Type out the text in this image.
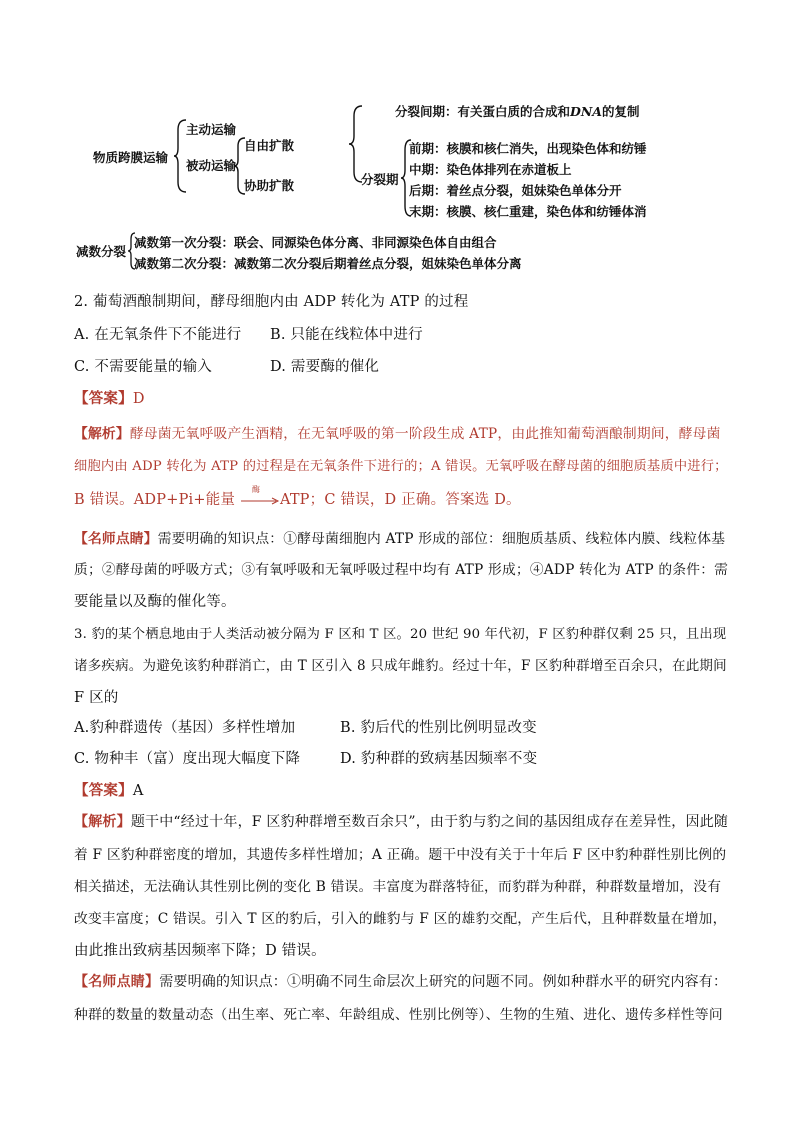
物质跨膜运输
主动运输
被动运输
自由扩散
协助扩散
分裂间期：有关蛋白质的合成和DNA的复制
分裂期
前期：核膜和核仁消失，出现染色体和纺锤
中期：染色体排列在赤道板上
后期：着丝点分裂，姐妹染色单体分开
末期：核膜、核仁重建，染色体和纺锤体消
减数分裂
减数第一次分裂：联会、同源染色体分离、非同源染色体自由组合
减数第二次分裂：减数第二次分裂后期着丝点分裂，姐妹染色单体分离
2. 葡萄酒酿制期间，酵母细胞内由 ADP 转化为 ATP 的过程
A. 在无氧条件下不能进行 B. 只能在线粒体中进行
C. 不需要能量的输入	D. 需要酶的催化
【答案】D
【解析】酵母菌无氧呼吸产生酒精，在无氧呼吸的第一阶段生成 ATP，由此推知葡萄酒酿制期间，酵母菌
细胞内由 ADP 转化为 ATP 的过程是在无氧条件下进行的；A 错误。无氧呼吸在酵母菌的细胞质基质中进行；
B 错误。ADP+Pi+能量
酶
ATP；C 错误，D 正确。答案选 D。
【名师点睛】需要明确的知识点：①酵母菌细胞内 ATP 形成的部位：细胞质基质、线粒体内膜、线粒体基
质；②酵母菌的呼吸方式；③有氧呼吸和无氧呼吸过程中均有 ATP 形成；④ADP 转化为 ATP 的条件：需
要能量以及酶的催化等。
3. 豹的某个栖息地由于人类活动被分隔为 F 区和 T 区。20 世纪 90 年代初，F 区豹种群仅剩 25 只，且出现
诸多疾病。为避免该豹种群消亡，由 T 区引入 8 只成年雌豹。经过十年，F 区豹种群增至百余只，在此期间
F 区的
A.豹种群遗传（基因）多样性增加	B. 豹后代的性别比例明显改变
C. 物种丰（富）度出现大幅度下降	D. 豹种群的致病基因频率不变
【答案】A
【解析】题干中“经过十年，F 区豹种群增至数百余只”，由于豹与豹之间的基因组成存在差异性，因此随
着 F 区豹种群密度的增加，其遗传多样性增加；A 正确。题干中没有关于十年后 F 区中豹种群性别比例的
相关描述，无法确认其性别比例的变化 B 错误。丰富度为群落特征，而豹群为种群，种群数量增加，没有
改变丰富度；C 错误。引入 T 区的豹后，引入的雌豹与 F 区的雄豹交配，产生后代，且种群数量在增加，
由此推出致病基因频率下降；D 错误。
【名师点睛】需要明确的知识点：①明确不同生命层次上研究的问题不同。例如种群水平的研究内容有：
种群的数量的数量动态（出生率、死亡率、年龄组成、性别比例等）、生物的生殖、进化、遗传多样性等问
